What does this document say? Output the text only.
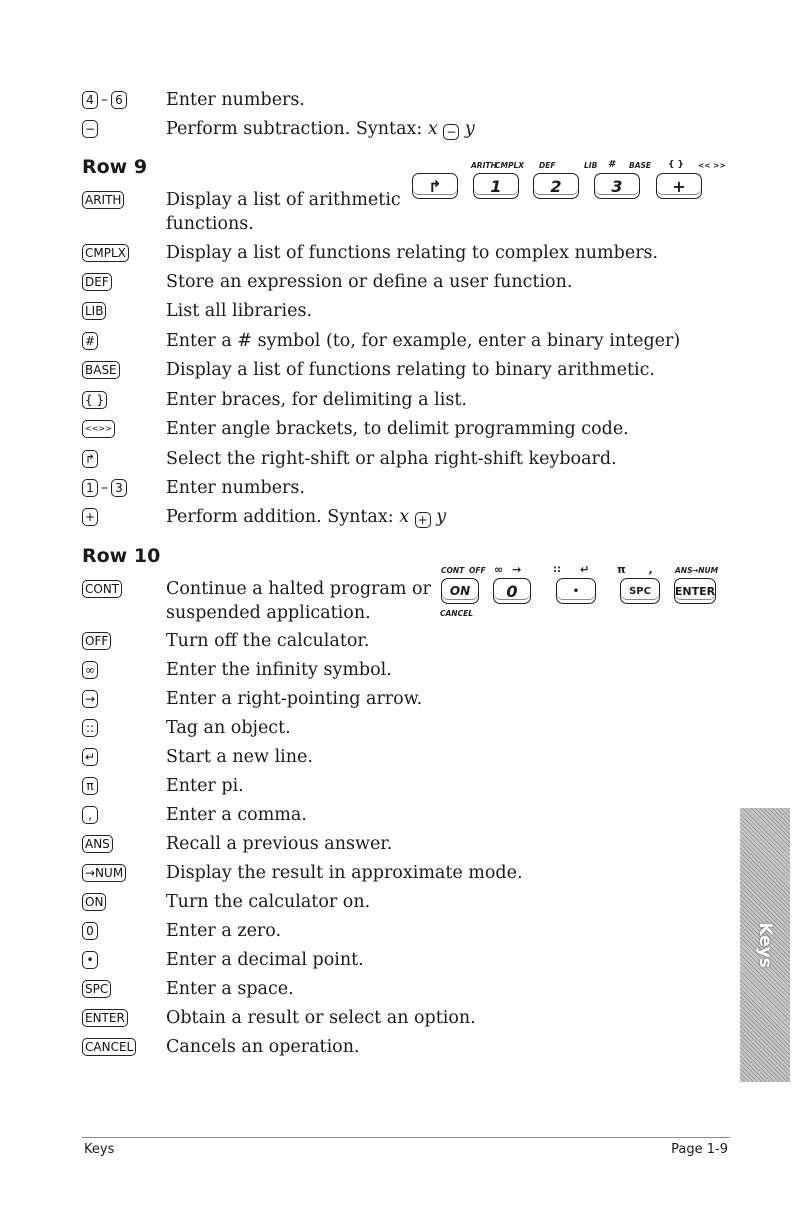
4 – 6 Enter numbers.
−	Perform subtraction. Syntax: x − y
Row 9	ARITH
CMPLX DEF	LIB # BASE { } << >>
↱	1	2	3	+
ARITH	Display a list of arithmetic
functions.
CMPLX Display a list of functions relating to complex numbers.
DEF	Store an expression or define a user function.
LIB	List all libraries.
#	Enter a # symbol (to, for example, enter a binary integer)
BASE	Display a list of functions relating to binary arithmetic.
{ }	Enter braces, for delimiting a list.
<<>>	Enter angle brackets, to delimit programming code.
↱	Select the right-shift or alpha right-shift keyboard.
1 – 3 Enter numbers.
+	Perform addition. Syntax: x + y
Row 10
CONT OFF ∞ →	:: ↵	π ,	ANS →NUM
ON	0	•	SPC	ENTER
CANCEL
CONT	Continue a halted program or
suspended application.
OFF	Turn off the calculator.
∞	Enter the infinity symbol.
→	Enter a right-pointing arrow.
::	Tag an object.
↵	Start a new line.
π	Enter pi.
,	Enter a comma.
ANS	Recall a previous answer.
→NUM Display the result in approximate mode.
ON	Turn the calculator on.
0	Enter a zero.
•	Enter a decimal point.
SPC	Enter a space.
ENTER Obtain a result or select an option.
CANCEL Cancels an operation.
Keys
Keys	Page 1-9
